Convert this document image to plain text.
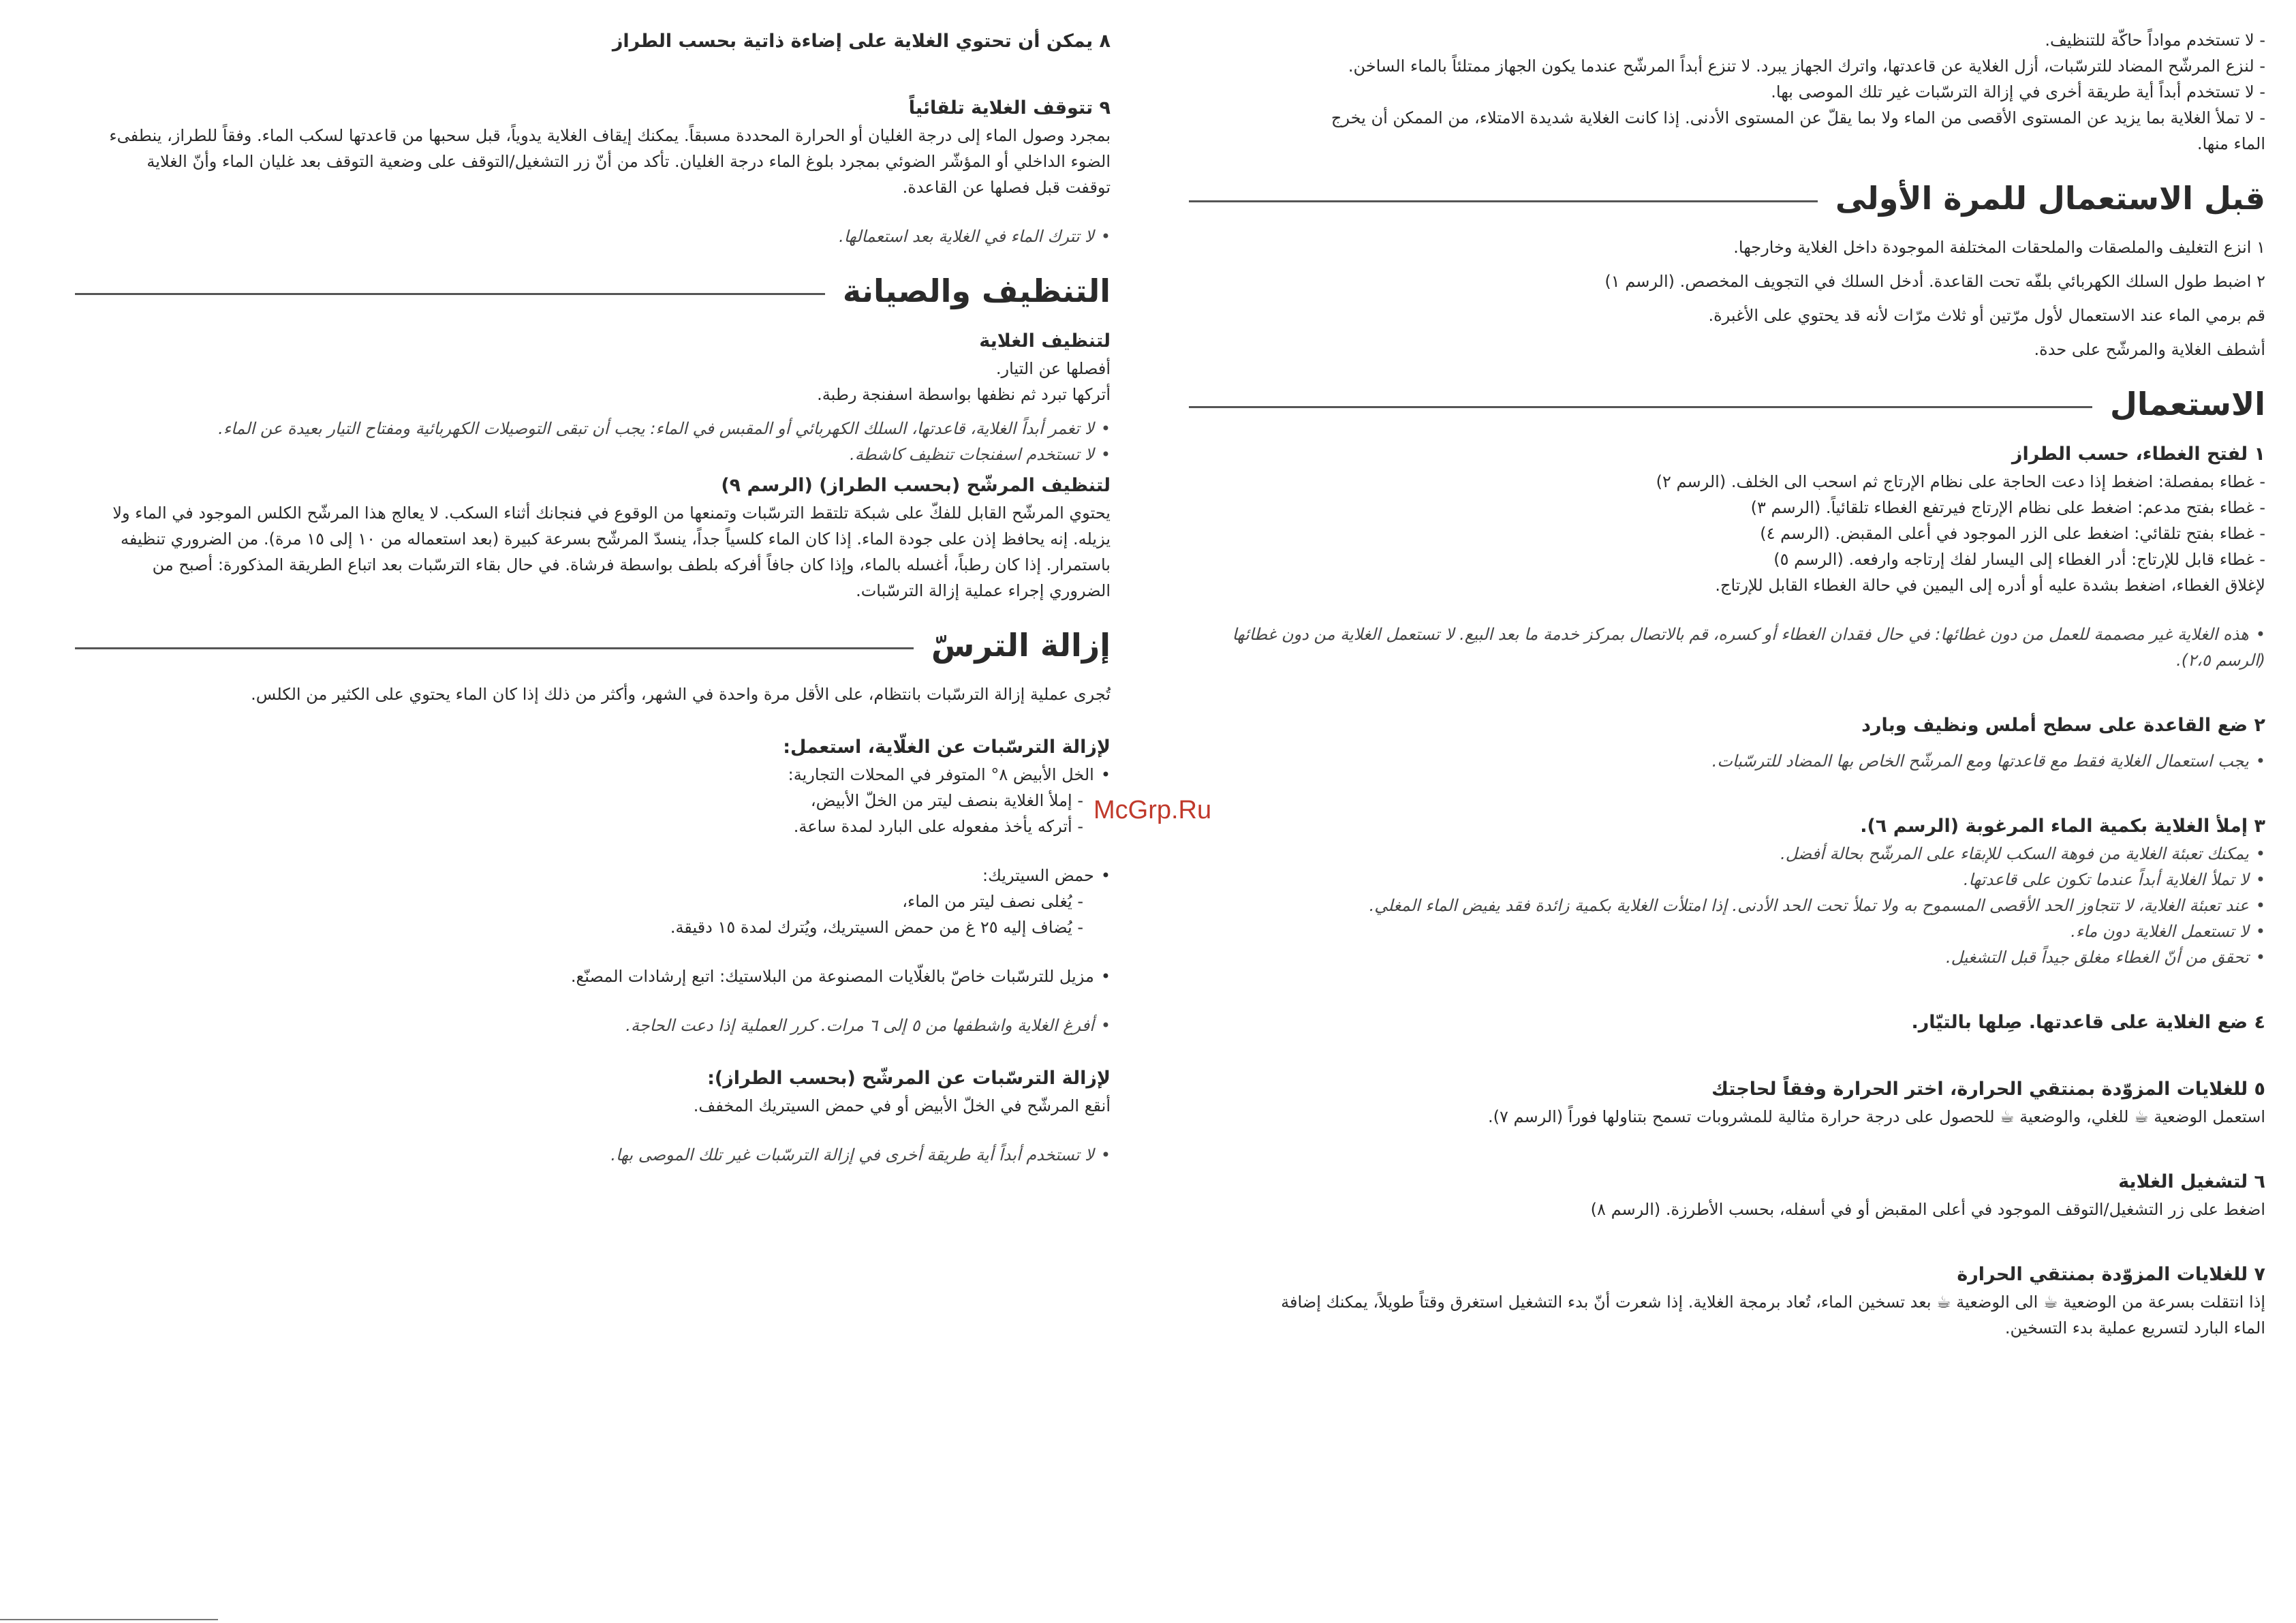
- لا تستخدم مواداً حاكّة للتنظيف.

- لنزع المرشّح المضاد للترسّبات، أزل الغلاية عن قاعدتها، واترك الجهاز يبرد. لا تنزع أبداً المرشّح عندما يكون الجهاز ممتلئاً بالماء الساخن.

- لا تستخدم أبداً أية طريقة أخرى في إزالة الترسّبات غير تلك الموصى بها.

- لا تملأ الغلاية بما يزيد عن المستوى الأقصى من الماء ولا بما يقلّ عن المستوى الأدنى. إذا كانت الغلاية شديدة الامتلاء، من الممكن أن يخرج

الماء منها.

قبل الاستعمال للمرة الأولى

١ انزع التغليف والملصقات والملحقات المختلفة الموجودة داخل الغلاية وخارجها.

٢ اضبط طول السلك الكهربائي بلفّه تحت القاعدة. أدخل السلك في التجويف المخصص. (الرسم ١)

قم برمي الماء عند الاستعمال لأول مرّتين أو ثلاث مرّات لأنه قد يحتوي على الأغبرة.

أشطف الغلاية والمرشّح على حدة.

الاستعمال
١ لفتح الغطاء، حسب الطراز

- غطاء بمفصلة: اضغط إذا دعت الحاجة على نظام الإرتاج ثم اسحب الى الخلف. (الرسم ٢)

- غطاء بفتح مدعم: اضغط على نظام الإرتاج فيرتفع الغطاء تلقائياً. (الرسم ٣)

- غطاء بفتح تلقائي: اضغط على الزر الموجود في أعلى المقبض. (الرسم ٤)

- غطاء قابل للإرتاج: أدر الغطاء إلى اليسار لفك إرتاجه وارفعه. (الرسم ٥)

لإغلاق الغطاء، اضغط بشدة عليه أو أدره إلى اليمين في حالة الغطاء القابل للإرتاج.

• هذه الغلاية غير مصممة للعمل من دون غطائها: في حال فقدان الغطاء أو كسره، قم بالاتصال بمركز خدمة ما بعد البيع. لا تستعمل الغلاية من دون غطائها (الرسم ٢،٥).

٢ ضع القاعدة على سطح أملس ونظيف وبارد

• يجب استعمال الغلاية فقط مع قاعدتها ومع المرشّح الخاص بها المضاد للترسّبات.

٣ إملأ الغلاية بكمية الماء المرغوبة (الرسم ٦).

• يمكنك تعبئة الغلاية من فوهة السكب للإبقاء على المرشّح بحالة أفضل.

• لا تملأ الغلاية أبداً عندما تكون على قاعدتها.

• عند تعبئة الغلاية، لا تتجاوز الحد الأقصى المسموح به ولا تملأ تحت الحد الأدنى. إذا امتلأت الغلاية بكمية زائدة فقد يفيض الماء المغلي.

• لا تستعمل الغلاية دون ماء.

• تحقق من أنّ الغطاء مغلق جيداً قبل التشغيل.

٤ ضع الغلاية على قاعدتها. صِلها بالتيّار.
٥ للغلايات المزوّدة بمنتقي الحرارة، اختر الحرارة وفقاً لحاجتك

استعمل الوضعية ☕ للغلي، والوضعية ☕ للحصول على درجة حرارة مثالية للمشروبات تسمح بتناولها فوراً (الرسم ٧).

٦ لتشغيل الغلاية

اضغط على زر التشغيل/التوقف الموجود في أعلى المقبض أو في أسفله، بحسب الأطرزة. (الرسم ٨)

٧ للغلايات المزوّدة بمنتقي الحرارة

إذا انتقلت بسرعة من الوضعية ☕ الى الوضعية ☕ بعد تسخين الماء، تُعاد برمجة الغلاية. إذا شعرت أنّ بدء التشغيل استغرق وقتاً طويلاً، يمكنك إضافة

الماء البارد لتسريع عملية بدء التسخين.

٨ يمكن أن تحتوي الغلاية على إضاءة ذاتية بحسب الطراز
٩ تتوقف الغلاية تلقائياً

بمجرد وصول الماء إلى درجة الغليان أو الحرارة المحددة مسبقاً. يمكنك إيقاف الغلاية يدوياً، قبل سحبها من قاعدتها لسكب الماء. وفقاً للطراز، ينطفىء

الضوء الداخلي أو المؤشّر الضوئي بمجرد بلوغ الماء درجة الغليان. تأكد من أنّ زر التشغيل/التوقف على وضعية التوقف بعد غليان الماء وأنّ الغلاية

توقفت قبل فصلها عن القاعدة.

• لا تترك الماء في الغلاية بعد استعمالها.

التنظيف والصيانة
لتنظيف الغلاية

أفصلها عن التيار.

أتركها تبرد ثم نظفها بواسطة اسفنجة رطبة.

• لا تغمر أبداً الغلاية، قاعدتها، السلك الكهربائي أو المقبس في الماء: يجب أن تبقى التوصيلات الكهربائية ومفتاح التيار بعيدة عن الماء.

• لا تستخدم اسفنجات تنظيف كاشطة.

لتنظيف المرشّح (بحسب الطراز) (الرسم ٩)

يحتوي المرشّح القابل للفكّ على شبكة تلتقط الترسّبات وتمنعها من الوقوع في فنجانك أثناء السكب. لا يعالج هذا المرشّح الكلس الموجود في الماء ولا

يزيله. إنه يحافظ إذن على جودة الماء. إذا كان الماء كلسياً جداً، ينسدّ المرشّح بسرعة كبيرة (بعد استعماله من ١٠ إلى ١٥ مرة). من الضروري تنظيفه

باستمرار. إذا كان رطباً، أغسله بالماء، وإذا كان جافاً أفركه بلطف بواسطة فرشاة. في حال بقاء الترسّبات بعد اتباع الطريقة المذكورة: أصبح من

الضروري إجراء عملية إزالة الترسّبات.

إزالة الترسّ

تُجرى عملية إزالة الترسّبات بانتظام، على الأقل مرة واحدة في الشهر، وأكثر من ذلك إذا كان الماء يحتوي على الكثير من الكلس.

لإزالة الترسّبات عن الغلّاية، استعمل:

• الخل الأبيض ٨° المتوفر في المحلات التجارية:

- إملأ الغلاية بنصف ليتر من الخلّ الأبيض،

- أتركه يأخذ مفعوله على البارد لمدة ساعة.

• حمض السيتريك:

- يُغلى نصف ليتر من الماء،

- يُضاف إليه ٢٥ غ من حمض السيتريك، ويُترك لمدة ١٥ دقيقة.

• مزيل للترسّبات خاصّ بالغلّايات المصنوعة من البلاستيك: اتبع إرشادات المصنّع.

• أفرغ الغلاية واشطفها من ٥ إلى ٦ مرات. كرر العملية إذا دعت الحاجة.

لإزالة الترسّبات عن المرشّح (بحسب الطراز):

أنقع المرشّح في الخلّ الأبيض أو في حمض السيتريك المخفف.

• لا تستخدم أبداً أية طريقة أخرى في إزالة الترسّبات غير تلك الموصى بها.

McGrp.Ru
